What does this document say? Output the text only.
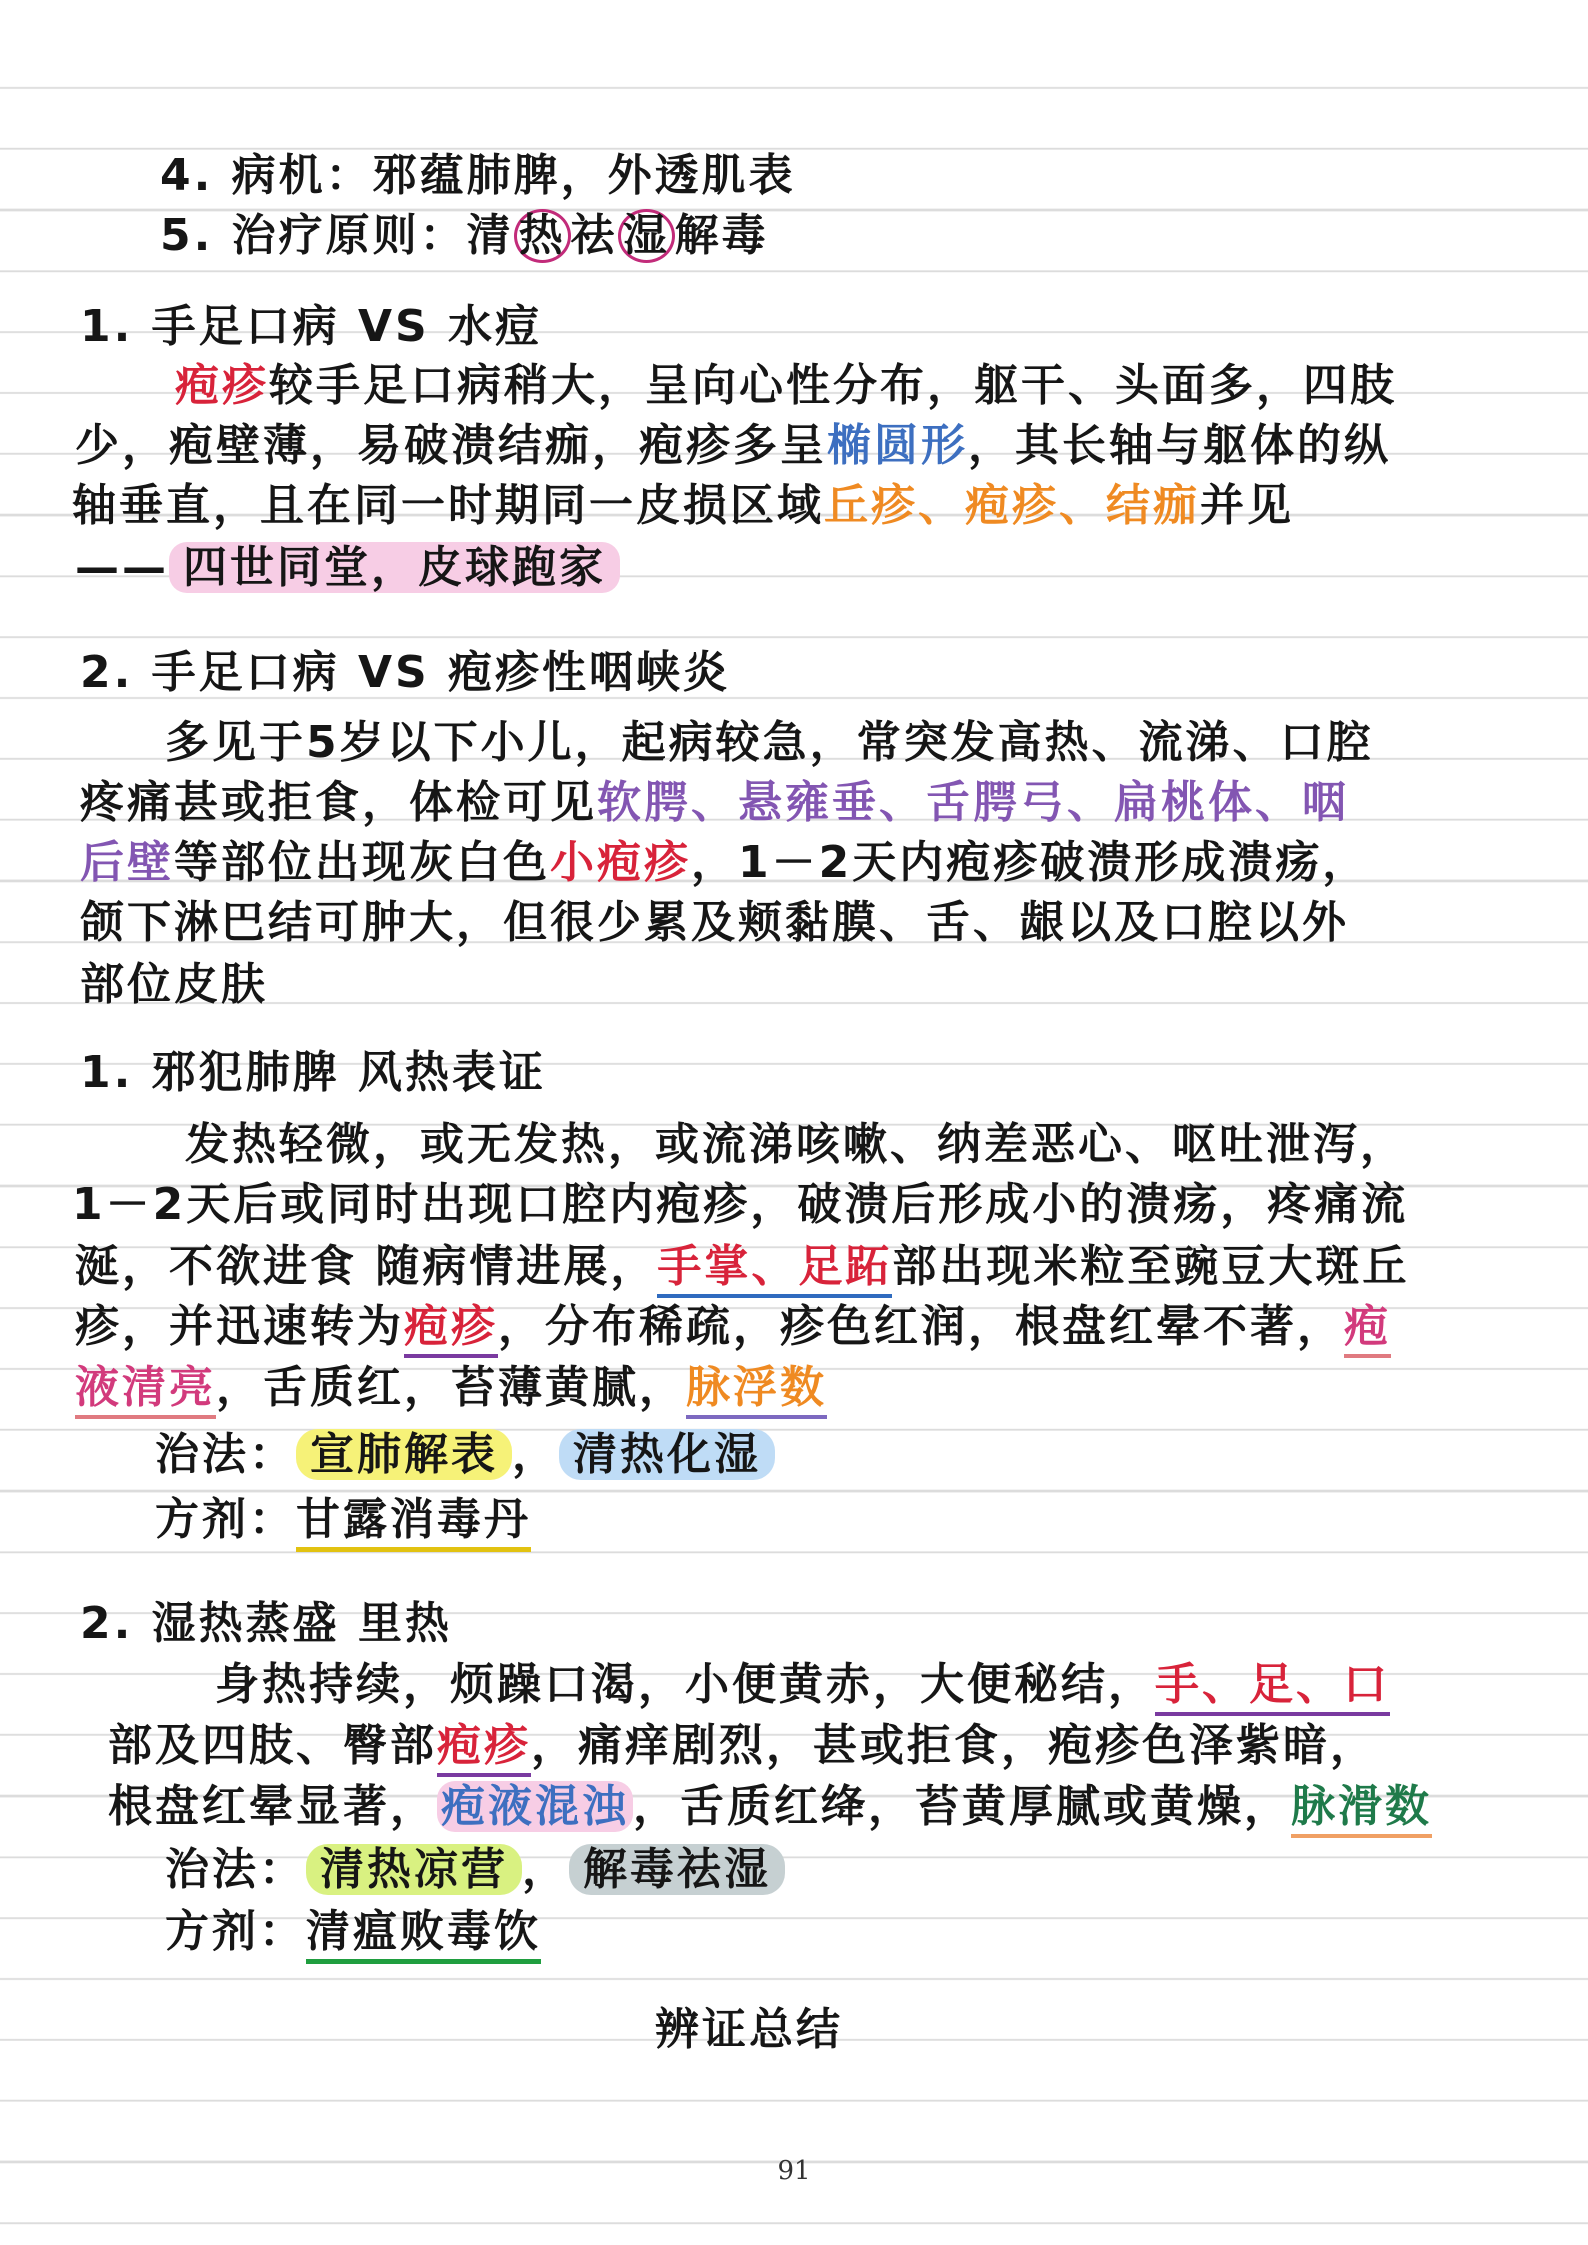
4. 病机：邪蕴肺脾，外透肌表
5. 治疗原则：清 热 祛 湿 解毒
1. 手足口病 VS 水痘
疱疹较手足口病稍大，呈向心性分布，躯干、头面多，四肢
少，疱壁薄，易破溃结痂，疱疹多呈椭圆形，其长轴与躯体的纵
轴垂直，且在同一时期同一皮损区域丘疹、疱疹、结痂并见
—— 四世同堂，皮球跑家
2. 手足口病 VS 疱疹性咽峡炎
多见于5岁以下小儿，起病较急，常突发高热、流涕、口腔
疼痛甚或拒食，体检可见软腭、悬雍垂、舌腭弓、扁桃体、咽
后壁等部位出现灰白色小疱疹，1－2天内疱疹破溃形成溃疡，
颌下淋巴结可肿大，但很少累及颊黏膜、舌、龈以及口腔以外
部位皮肤
1. 邪犯肺脾 风热表证
发热轻微，或无发热，或流涕咳嗽、纳差恶心、呕吐泄泻，
1－2天后或同时出现口腔内疱疹，破溃后形成小的溃疡，疼痛流
涎，不欲进食 随病情进展，手掌、足跖部出现米粒至豌豆大斑丘
疹，并迅速转为疱疹，分布稀疏，疹色红润，根盘红晕不著，疱
液清亮，舌质红，苔薄黄腻，脉浮数
治法： 宣肺解表 ， 清热化湿
方剂：甘露消毒丹
2. 湿热蒸盛 里热
身热持续，烦躁口渴，小便黄赤，大便秘结，手、足、口
部及四肢、臀部疱疹，痛痒剧烈，甚或拒食，疱疹色泽紫暗，
根盘红晕显著，疱液混浊，舌质红绛，苔黄厚腻或黄燥，脉滑数
治法： 清热凉营 ， 解毒祛湿
方剂：清瘟败毒饮
辨证总结
91
